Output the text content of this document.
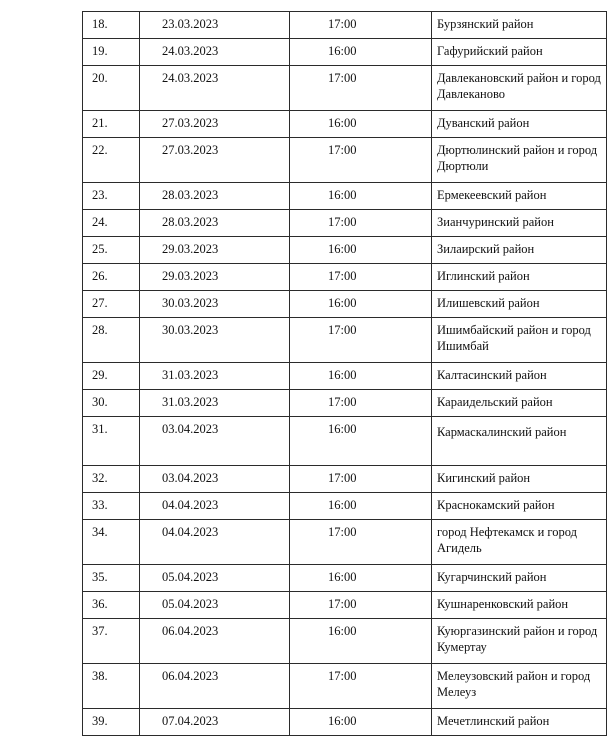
18.	23.03.2023	17:00	Бурзянский район
19.	24.03.2023	16:00	Гафурийский район
20.	24.03.2023	17:00	Давлекановский район и город Давлеканово
21.	27.03.2023	16:00	Дуванский район
22.	27.03.2023	17:00	Дюртюлинский район и город Дюртюли
23.	28.03.2023	16:00	Ермекеевский район
24.	28.03.2023	17:00	Зианчуринский район
25.	29.03.2023	16:00	Зилаирский район
26.	29.03.2023	17:00	Иглинский район
27.	30.03.2023	16:00	Илишевский район
28.	30.03.2023	17:00	Ишимбайский район и город Ишимбай
29.	31.03.2023	16:00	Калтасинский район
30.	31.03.2023	17:00	Караидельский район
31.	03.04.2023	16:00	Кармаскалинский район
32.	03.04.2023	17:00	Кигинский район
33.	04.04.2023	16:00	Краснокамский район
34.	04.04.2023	17:00	город Нефтекамск и город Агидель
35.	05.04.2023	16:00	Кугарчинский район
36.	05.04.2023	17:00	Кушнаренковский район
37.	06.04.2023	16:00	Куюргазинский район и город Кумертау
38.	06.04.2023	17:00	Мелеузовский район и город Мелеуз
39.	07.04.2023	16:00	Мечетлинский район
